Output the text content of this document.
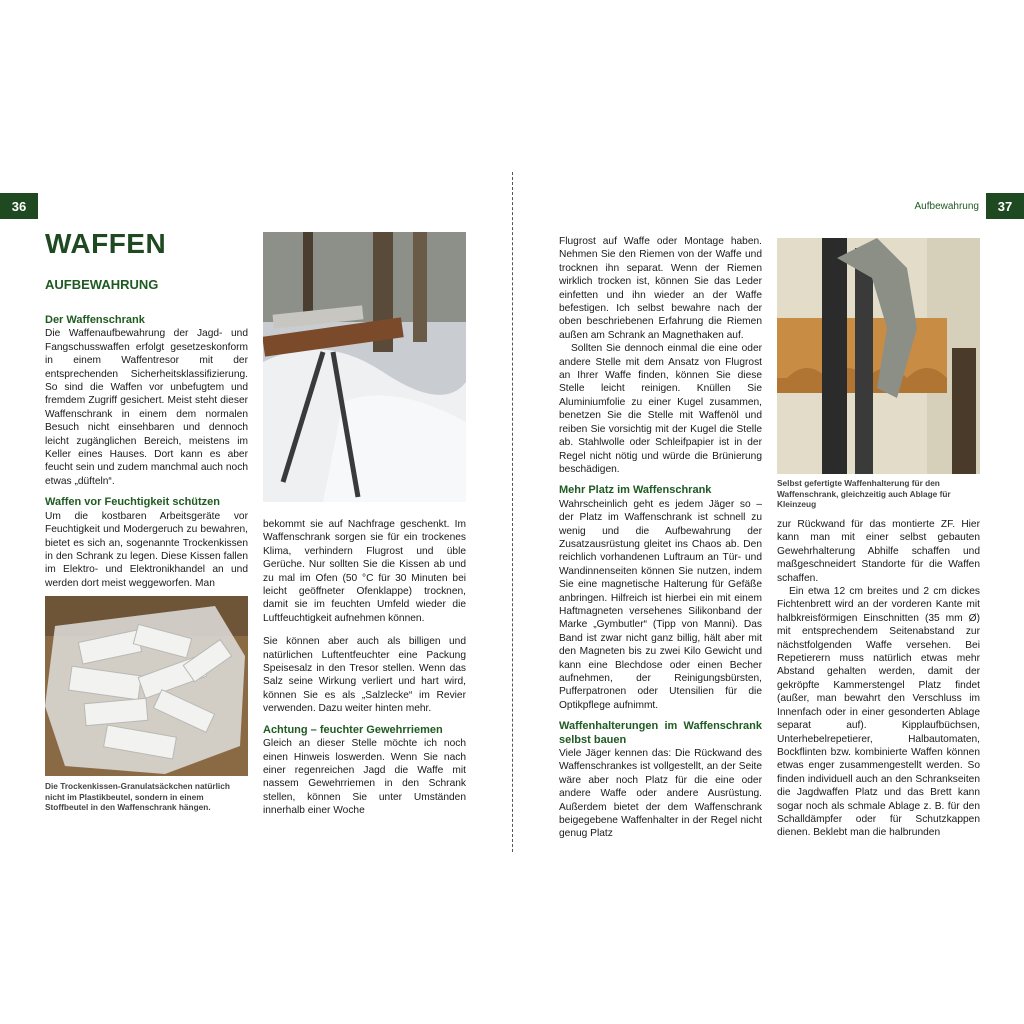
36
WAFFEN
AUFBEWAHRUNG

Der Waffenschrank

Die Waffenaufbewahrung der Jagd- und Fangschusswaffen erfolgt gesetzeskonform in einem Waffentresor mit der entsprechenden Sicherheitsklassifizierung. So sind die Waffen vor unbefugtem und fremdem Zugriff gesichert. Meist steht dieser Waffenschrank in einem dem normalen Besuch nicht einsehbaren und dennoch leicht zugänglichen Bereich, meistens im Keller eines Hauses. Dort kann es aber feucht sein und zudem manchmal auch noch etwas „düfteln“.

Waffen vor Feuchtigkeit schützen

Um die kostbaren Arbeitsgeräte vor Feuchtigkeit und Modergeruch zu bewahren, bietet es sich an, sogenannte Trockenkissen in den Schrank zu legen. Diese Kissen fallen im Elektro- und Elektronikhandel an und werden dort meist weggeworfen. Man

Die Trockenkissen-Granulatsäckchen natürlich nicht im Plastikbeutel, sondern in einem Stoffbeutel in den Waffenschrank hängen.

bekommt sie auf Nachfrage geschenkt. Im Waffenschrank sorgen sie für ein trockenes Klima, verhindern Flugrost und üble Gerüche. Nur sollten Sie die Kissen ab und zu mal im Ofen (50 °C für 30 Minuten bei leicht geöffneter Ofenklappe) trocknen, damit sie im feuchten Umfeld wieder die Luftfeuchtigkeit aufnehmen können.

Sie können aber auch als billigen und natürlichen Luftentfeuchter eine Packung Speisesalz in den Tresor stellen. Wenn das Salz seine Wirkung verliert und hart wird, können Sie es als „Salzlecke“ im Revier verwenden. Dazu weiter hinten mehr.

Achtung – feuchter Gewehrriemen

Gleich an dieser Stelle möchte ich noch einen Hinweis loswerden. Wenn Sie nach einer regenreichen Jagd die Waffe mit nassem Gewehrriemen in den Schrank stellen, können Sie unter Umständen innerhalb einer Woche

Aufbewahrung	37

Flugrost auf Waffe oder Montage haben. Nehmen Sie den Riemen von der Waffe und trocknen ihn separat. Wenn der Riemen wirklich trocken ist, können Sie das Leder einfetten und ihn wieder an der Waffe befestigen. Ich selbst bewahre nach der oben beschriebenen Erfahrung die Riemen außen am Schrank an Magnethaken auf.

Sollten Sie dennoch einmal die eine oder andere Stelle mit dem Ansatz von Flugrost an Ihrer Waffe finden, können Sie diese Stelle leicht reinigen. Knüllen Sie Aluminiumfolie zu einer Kugel zusammen, benetzen Sie die Stelle mit Waffenöl und reiben Sie vorsichtig mit der Kugel die Stelle ab. Stahlwolle oder Schleifpapier ist in der Regel nicht nötig und würde die Brünierung beschädigen.

Mehr Platz im Waffenschrank

Wahrscheinlich geht es jedem Jäger so – der Platz im Waffenschrank ist schnell zu wenig und die Aufbewahrung der Zusatzausrüstung gleitet ins Chaos ab. Den reichlich vorhandenen Luftraum an Tür- und Wandinnenseiten können Sie nutzen, indem Sie eine magnetische Halterung für Gefäße anbringen. Hilfreich ist hierbei ein mit einem Haftmagneten versehenes Silikonband der Marke „Gymbutler“ (Tipp von Manni). Das Band ist zwar nicht ganz billig, hält aber mit den Magneten bis zu zwei Kilo Gewicht und kann eine Blechdose oder einen Becher aufnehmen, der Reinigungsbürsten, Pufferpatronen oder Utensilien für die Optikpflege aufnimmt.

Waffenhalterungen im Waffenschrank selbst bauen

Viele Jäger kennen das: Die Rückwand des Waffenschrankes ist vollgestellt, an der Seite wäre aber noch Platz für die eine oder andere Waffe oder andere Ausrüstung. Außerdem bietet der dem Waffenschrank beigegebene Waffenhalter in der Regel nicht genug Platz

Selbst gefertigte Waffenhalterung für den Waffenschrank, gleichzeitig auch Ablage für Kleinzeug

zur Rückwand für das montierte ZF. Hier kann man mit einer selbst gebauten Gewehrhalterung Abhilfe schaffen und maßgeschneidert Standorte für die Waffen schaffen.

Ein etwa 12 cm breites und 2 cm dickes Fichtenbrett wird an der vorderen Kante mit halbkreisförmigen Einschnitten (35 mm Ø) mit entsprechendem Seitenabstand zur nächstfolgenden Waffe versehen. Bei Repetierern muss natürlich etwas mehr Abstand gehalten werden, damit der gekröpfte Kammerstengel Platz findet (außer, man bewahrt den Verschluss im Innenfach oder in einer gesonderten Ablage separat auf). Kipplaufbüchsen, Unterhebelrepetierer, Halbautomaten, Bockflinten bzw. kombinierte Waffen können etwas enger zusammengestellt werden. So finden individuell auch an den Schrankseiten die Jagdwaffen Platz und das Brett kann sogar noch als schmale Ablage z. B. für den Schalldämpfer oder für Schutzkappen dienen. Beklebt man die halbrunden
